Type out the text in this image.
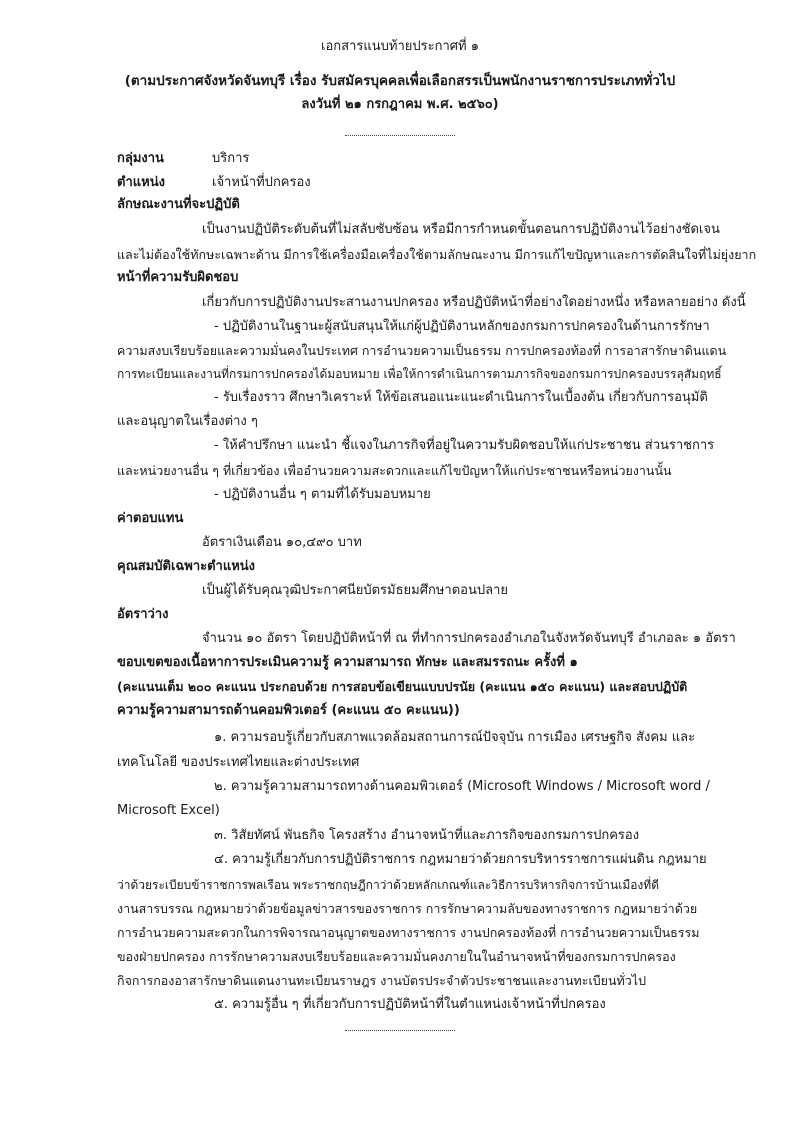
เอกสารแนบท้ายประกาศที่ ๑
(ตามประกาศจังหวัดจันทบุรี เรื่อง รับสมัครบุคคลเพื่อเลือกสรรเป็นพนักงานราชการประเภททั่วไป
ลงวันที่ ๒๑ กรกฎาคม พ.ศ. ๒๕๖๐)
กลุ่มงาน	บริการ
ตำแหน่ง	เจ้าหน้าที่ปกครอง
ลักษณะงานที่จะปฏิบัติ
เป็นงานปฏิบัติระดับต้นที่ไม่สลับซับซ้อน หรือมีการกำหนดขั้นตอนการปฏิบัติงานไว้อย่างชัดเจน
และไม่ต้องใช้ทักษะเฉพาะด้าน มีการใช้เครื่องมือเครื่องใช้ตามลักษณะงาน มีการแก้ไขปัญหาและการตัดสินใจที่ไม่ยุ่งยาก
หน้าที่ความรับผิดชอบ
เกี่ยวกับการปฏิบัติงานประสานงานปกครอง หรือปฏิบัติหน้าที่อย่างใดอย่างหนึ่ง หรือหลายอย่าง ดังนี้
- ปฏิบัติงานในฐานะผู้สนับสนุนให้แก่ผู้ปฏิบัติงานหลักของกรมการปกครองในด้านการรักษา
ความสงบเรียบร้อยและความมั่นคงในประเทศ การอำนวยความเป็นธรรม การปกครองท้องที่ การอาสารักษาดินแดน
การทะเบียนและงานที่กรมการปกครองได้มอบหมาย เพื่อให้การดำเนินการตามภารกิจของกรมการปกครองบรรลุสัมฤทธิ์
- รับเรื่องราว ศึกษาวิเคราะห์ ให้ข้อเสนอแนะแนะดำเนินการในเบื้องต้น เกี่ยวกับการอนุมัติ
และอนุญาตในเรื่องต่าง ๆ
- ให้คำปรึกษา แนะนำ ชี้แจงในภารกิจที่อยู่ในความรับผิดชอบให้แก่ประชาชน ส่วนราชการ
และหน่วยงานอื่น ๆ ที่เกี่ยวข้อง เพื่ออำนวยความสะดวกและแก้ไขปัญหาให้แก่ประชาชนหรือหน่วยงานนั้น
- ปฏิบัติงานอื่น ๆ ตามที่ได้รับมอบหมาย
ค่าตอบแทน
อัตราเงินเดือน ๑๐,๔๙๐ บาท
คุณสมบัติเฉพาะตำแหน่ง
เป็นผู้ได้รับคุณวุฒิประกาศนียบัตรมัธยมศึกษาตอนปลาย
อัตราว่าง
จำนวน ๑๐ อัตรา โดยปฏิบัติหน้าที่ ณ ที่ทำการปกครองอำเภอในจังหวัดจันทบุรี อำเภอละ ๑ อัตรา
ขอบเขตของเนื้อหาการประเมินความรู้ ความสามารถ ทักษะ และสมรรถนะ ครั้งที่ ๑
(คะแนนเต็ม ๒๐๐ คะแนน ประกอบด้วย การสอบข้อเขียนแบบปรนัย (คะแนน ๑๕๐ คะแนน) และสอบปฏิบัติ
ความรู้ความสามารถด้านคอมพิวเตอร์ (คะแนน ๕๐ คะแนน))
๑. ความรอบรู้เกี่ยวกับสภาพแวดล้อมสถานการณ์ปัจจุบัน การเมือง เศรษฐกิจ สังคม และ
เทคโนโลยี ของประเทศไทยและต่างประเทศ
๒. ความรู้ความสามารถทางด้านคอมพิวเตอร์ (Microsoft Windows / Microsoft word /
Microsoft Excel)
๓. วิสัยทัศน์ พันธกิจ โครงสร้าง อำนาจหน้าที่และภารกิจของกรมการปกครอง
๔. ความรู้เกี่ยวกับการปฏิบัติราชการ กฎหมายว่าด้วยการบริหารราชการแผ่นดิน กฎหมาย
ว่าด้วยระเบียบข้าราชการพลเรือน พระราชกฤษฎีกาว่าด้วยหลักเกณฑ์และวิธีการบริหารกิจการบ้านเมืองที่ดี
งานสารบรรณ กฎหมายว่าด้วยข้อมูลข่าวสารของราชการ การรักษาความลับของทางราชการ กฎหมายว่าด้วย
การอำนวยความสะดวกในการพิจารณาอนุญาตของทางราชการ งานปกครองท้องที่ การอำนวยความเป็นธรรม
ของฝ่ายปกครอง การรักษาความสงบเรียบร้อยและความมั่นคงภายในในอำนาจหน้าที่ของกรมการปกครอง
กิจการกองอาสารักษาดินแดนงานทะเบียนราษฎร งานบัตรประจำตัวประชาชนและงานทะเบียนทั่วไป
๕. ความรู้อื่น ๆ ที่เกี่ยวกับการปฏิบัติหน้าที่ในตำแหน่งเจ้าหน้าที่ปกครอง
